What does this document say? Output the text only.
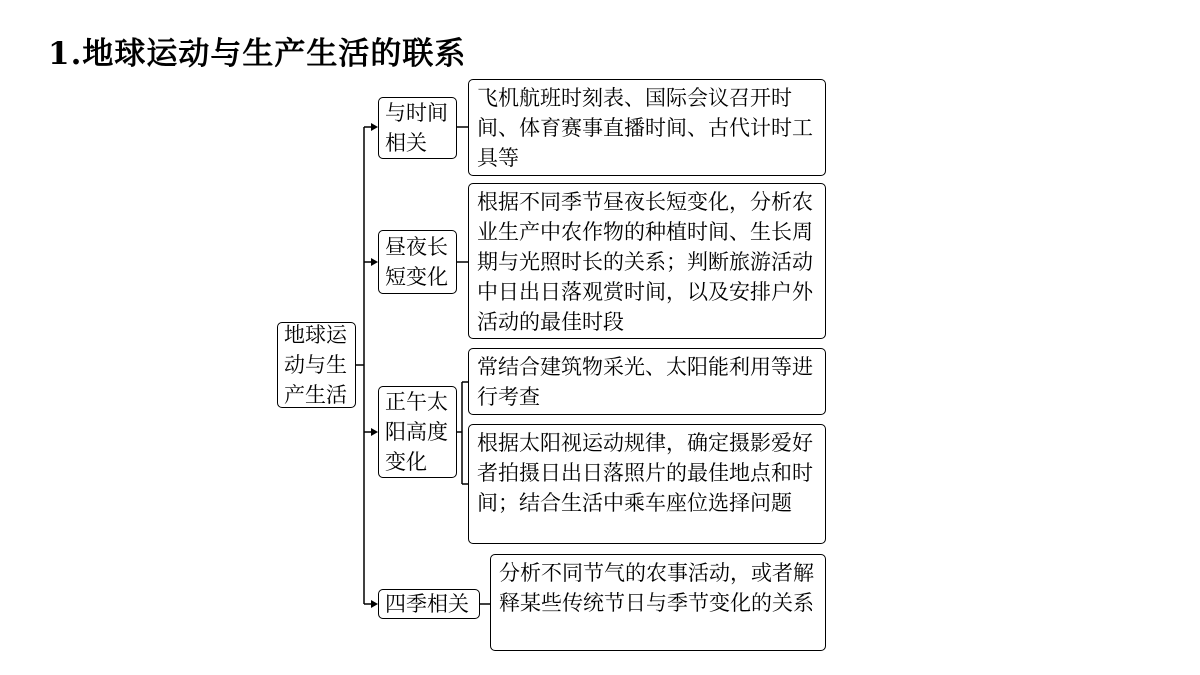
1.地球运动与生产生活的联系
地球运动与生产生活
与时间相关
飞机航班时刻表、国际会议召开时间、体育赛事直播时间、古代计时工具等
昼夜长短变化
根据不同季节昼夜长短变化，分析农业生产中农作物的种植时间、生长周期与光照时长的关系；判断旅游活动中日出日落观赏时间，以及安排户外活动的最佳时段
正午太阳高度变化
常结合建筑物采光、太阳能利用等进行考查
根据太阳视运动规律，确定摄影爱好者拍摄日出日落照片的最佳地点和时间；结合生活中乘车座位选择问题
四季相关
分析不同节气的农事活动，或者解释某些传统节日与季节变化的关系
